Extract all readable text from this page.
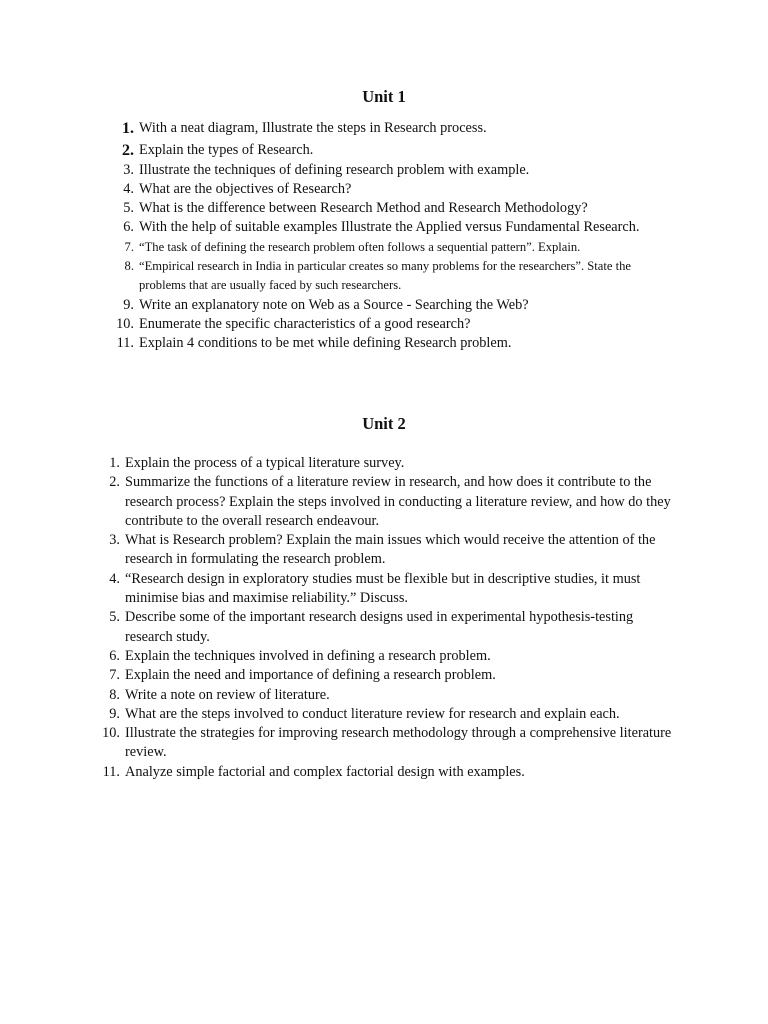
Unit 1
1. With a neat diagram, Illustrate the steps in Research process.
2. Explain the types of Research.
3. Illustrate the techniques of defining research problem with example.
4. What are the objectives of Research?
5. What is the difference between Research Method and Research Methodology?
6. With the help of suitable examples Illustrate the Applied versus Fundamental Research.
7. “The task of defining the research problem often follows a sequential pattern”. Explain.
8. “Empirical research in India in particular creates so many problems for the researchers”. State the problems that are usually faced by such researchers.
9. Write an explanatory note on Web as a Source - Searching the Web?
10. Enumerate the specific characteristics of a good research?
11. Explain 4 conditions to be met while defining Research problem.
Unit 2
1. Explain the process of a typical literature survey.
2. Summarize the functions of a literature review in research, and how does it contribute to the research process? Explain the steps involved in conducting a literature review, and how do they contribute to the overall research endeavour.
3. What is Research problem? Explain the main issues which would receive the attention of the research in formulating the research problem.
4. “Research design in exploratory studies must be flexible but in descriptive studies, it must minimise bias and maximise reliability.” Discuss.
5. Describe some of the important research designs used in experimental hypothesis-testing research study.
6. Explain the techniques involved in defining a research problem.
7. Explain the need and importance of defining a research problem.
8. Write a note on review of literature.
9. What are the steps involved to conduct literature review for research and explain each.
10. Illustrate the strategies for improving research methodology through a comprehensive literature review.
11. Analyze simple factorial and complex factorial design with examples.
